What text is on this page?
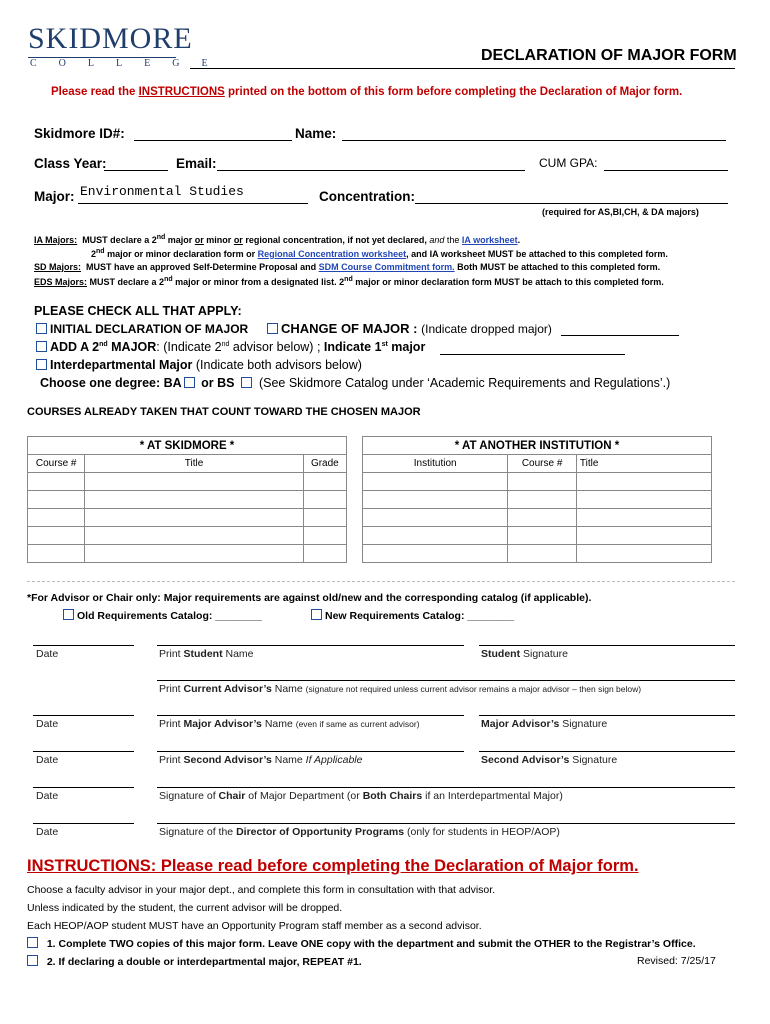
SKIDMORE
COLLEGE	DECLARATION OF MAJOR FORM
Please read the INSTRUCTIONS printed on the bottom of this form before completing the Declaration of Major form.
Skidmore ID#:	Name:
Class Year:	Email:	CUM GPA:
Major: Environmental Studies	Concentration:
(required for AS,BI,CH, & DA majors)
IA Majors: MUST declare a 2nd major or minor or regional concentration, if not yet declared, and the IA worksheet.
2nd major or minor declaration form or Regional Concentration worksheet, and IA worksheet MUST be attached to this completed form.
SD Majors:  MUST have an approved Self-Determine Proposal and SDM Course Commitment form. Both MUST be attached to this completed form.
EDS Majors: MUST declare a 2nd major or minor from a designated list. 2nd major or minor declaration form MUST be attach to this completed form.
PLEASE CHECK ALL THAT APPLY:
INITIAL DECLARATION OF MAJOR	CHANGE OF MAJOR : (Indicate dropped major)
ADD A 2nd MAJOR: (Indicate 2nd advisor below) ; Indicate 1st major
Interdepartmental Major (Indicate both advisors below)
Choose one degree: BA or BS (See Skidmore Catalog under ‘Academic Requirements and Regulations’.)
COURSES ALREADY TAKEN THAT COUNT TOWARD THE CHOSEN MAJOR
* AT SKIDMORE *		
Course #	Title	Grade

* AT ANOTHER INSTITUTION *		
Institution	Course #	Title

*For Advisor or Chair only: Major requirements are against old/new and the corresponding catalog (if applicable).
Old Requirements Catalog: ________	New Requirements Catalog: ________
Date	Print Student Name	Student Signature
Print Current Advisor’s Name (signature not required unless current advisor remains a major advisor – then sign below)
Date	Print Major Advisor’s Name (even if same as current advisor)	Major Advisor’s Signature
Date	Print Second Advisor’s Name If Applicable	Second Advisor’s Signature
Date	Signature of Chair of Major Department (or Both Chairs if an Interdepartmental Major)
Date	Signature of the Director of Opportunity Programs (only for students in HEOP/AOP)
INSTRUCTIONS: Please read before completing the Declaration of Major form.
Choose a faculty advisor in your major dept., and complete this form in consultation with that advisor.
Unless indicated by the student, the current advisor will be dropped.
Each HEOP/AOP student MUST have an Opportunity Program staff member as a second advisor.
1. Complete TWO copies of this major form. Leave ONE copy with the department and submit the OTHER to the Registrar’s Office.
2. If declaring a double or interdepartmental major, REPEAT #1.	Revised: 7/25/17
